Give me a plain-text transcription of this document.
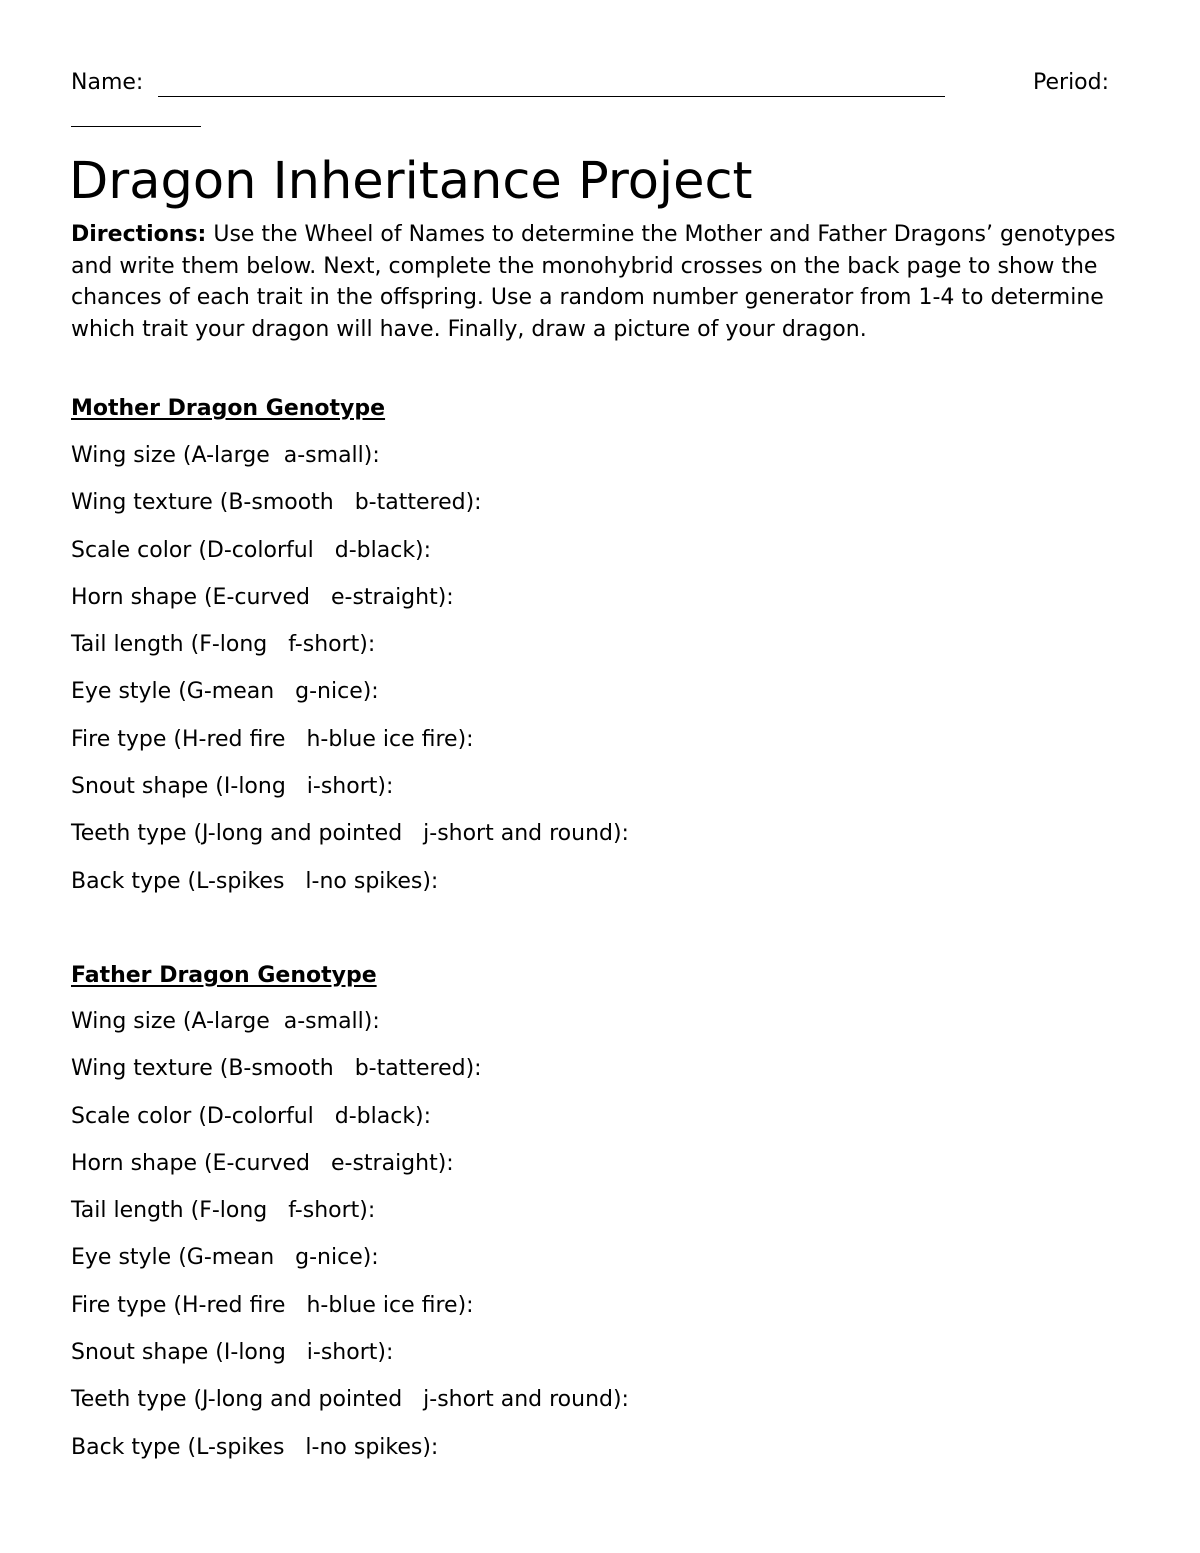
Name:	Period:
Dragon Inheritance Project
Directions: Use the Wheel of Names to determine the Mother and Father Dragons’ genotypes and write them below. Next, complete the monohybrid crosses on the back page to show the chances of each trait in the offspring. Use a random number generator from 1-4 to determine which trait your dragon will have. Finally, draw a picture of your dragon.
Mother Dragon Genotype
Wing size (A-large  a-small):
Wing texture (B-smooth   b-tattered):
Scale color (D-colorful   d-black):
Horn shape (E-curved   e-straight):
Tail length (F-long   f-short):
Eye style (G-mean   g-nice):
Fire type (H-red fire   h-blue ice fire):
Snout shape (I-long   i-short):
Teeth type (J-long and pointed   j-short and round):
Back type (L-spikes   l-no spikes):
Father Dragon Genotype
Wing size (A-large  a-small):
Wing texture (B-smooth   b-tattered):
Scale color (D-colorful   d-black):
Horn shape (E-curved   e-straight):
Tail length (F-long   f-short):
Eye style (G-mean   g-nice):
Fire type (H-red fire   h-blue ice fire):
Snout shape (I-long   i-short):
Teeth type (J-long and pointed   j-short and round):
Back type (L-spikes   l-no spikes):
